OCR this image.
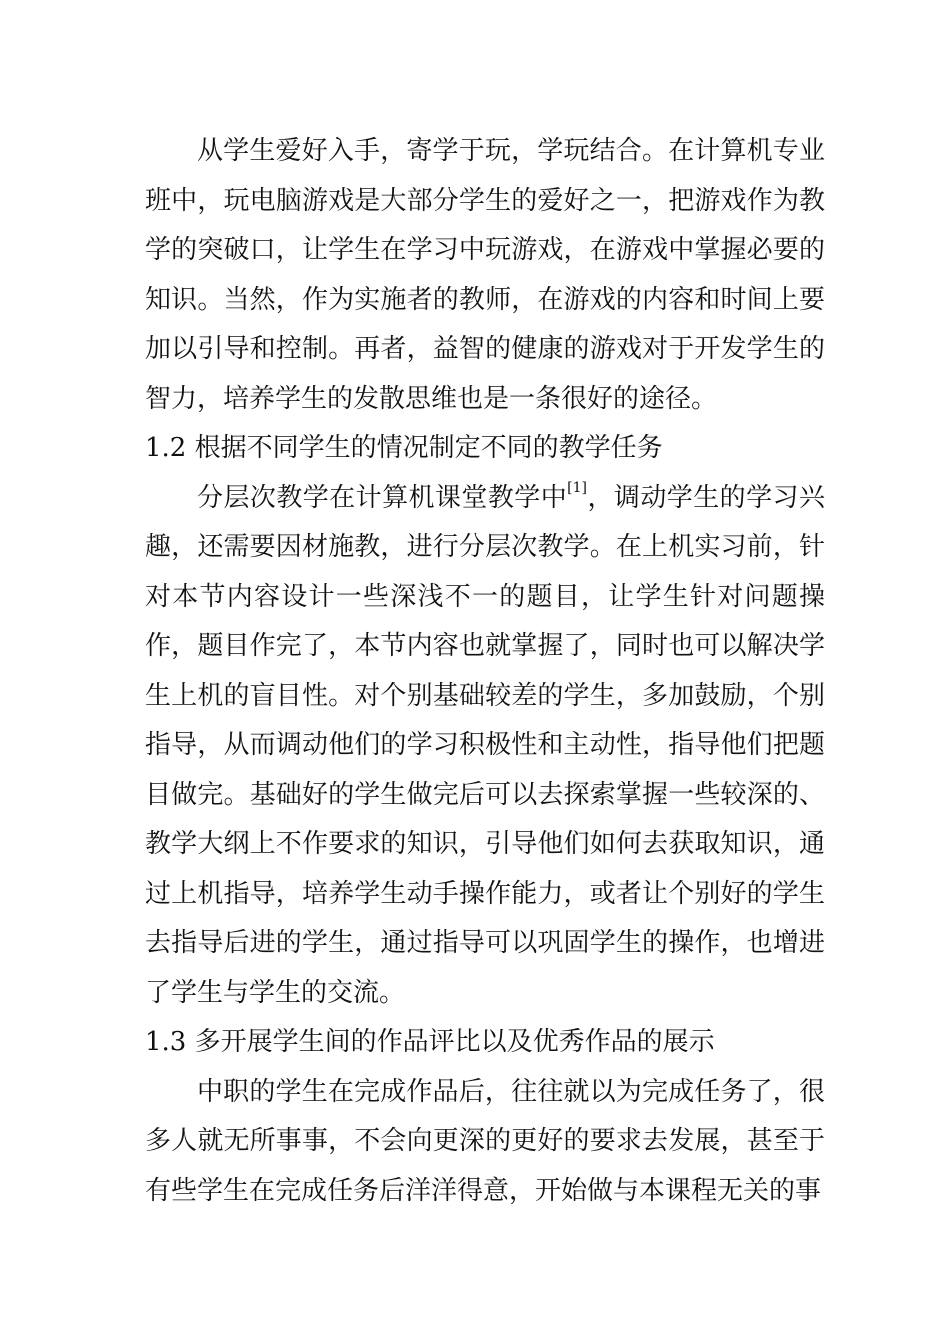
从学生爱好入手，寄学于玩，学玩结合。在计算机专业班中，玩电脑游戏是大部分学生的爱好之一，把游戏作为教学的突破口，让学生在学习中玩游戏，在游戏中掌握必要的知识。当然，作为实施者的教师，在游戏的内容和时间上要加以引导和控制。再者，益智的健康的游戏对于开发学生的智力，培养学生的发散思维也是一条很好的途径。

1.2 根据不同学生的情况制定不同的教学任务

分层次教学在计算机课堂教学中[1]，调动学生的学习兴趣，还需要因材施教，进行分层次教学。在上机实习前，针对本节内容设计一些深浅不一的题目，让学生针对问题操作，题目作完了，本节内容也就掌握了，同时也可以解决学生上机的盲目性。对个别基础较差的学生，多加鼓励，个别指导，从而调动他们的学习积极性和主动性，指导他们把题目做完。基础好的学生做完后可以去探索掌握一些较深的、教学大纲上不作要求的知识，引导他们如何去获取知识，通过上机指导，培养学生动手操作能力，或者让个别好的学生去指导后进的学生，通过指导可以巩固学生的操作，也增进了学生与学生的交流。

1.3 多开展学生间的作品评比以及优秀作品的展示

中职的学生在完成作品后，往往就以为完成任务了，很多人就无所事事，不会向更深的更好的要求去发展，甚至于有些学生在完成任务后洋洋得意，开始做与本课程无关的事
